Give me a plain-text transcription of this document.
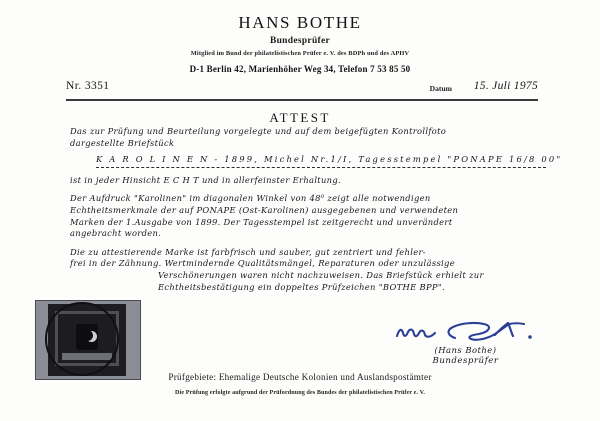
HANS BOTHE
Bundesprüfer
Mitglied im Bund der philatelistischen Prüfer e. V. des BDPh und des APHV
D-1 Berlin 42, Marienhöher Weg 34, Telefon 7 53 85 50
Nr. 3351	Datum 15. Juli 1975
ATTEST
Das zur Prüfung und Beurteilung vorgelegte und auf dem beigefügten Kontrollfoto
dargestellte Briefstück
K A R O L I N E N - 1899, Michel Nr.1/I, Tagesstempel "PONAPE 16/8 00"
ist in jeder Hinsicht E C H T und in allerfeinster Erhaltung.
Der Aufdruck "Karolinen" im diagonalen Winkel von 48⁰ zeigt alle notwendigen
Echtheitsmerkmale der auf PONAPE (Ost-Karolinen) ausgegebenen und verwendeten
Marken der 1.Ausgabe von 1899. Der Tagesstempel ist zeitgerecht und unverändert
angebracht worden.
Die zu attestierende Marke ist farbfrisch und sauber, gut zentriert und fehler-
frei in der Zähnung. Wertmindernde Qualitätsmängel, Reparaturen oder unzulässige
Verschönerungen waren nicht nachzuweisen. Das Briefstück erhielt zur
Echtheitsbestätigung ein doppeltes Prüfzeichen "BOTHE BPP".
(Hans Bothe)
Bundesprüfer
Prüfgebiete: Ehemalige Deutsche Kolonien und Auslandspostämter
Die Prüfung erfolgte aufgrund der Prüfordnung des Bundes der philatelistischen Prüfer e. V.
